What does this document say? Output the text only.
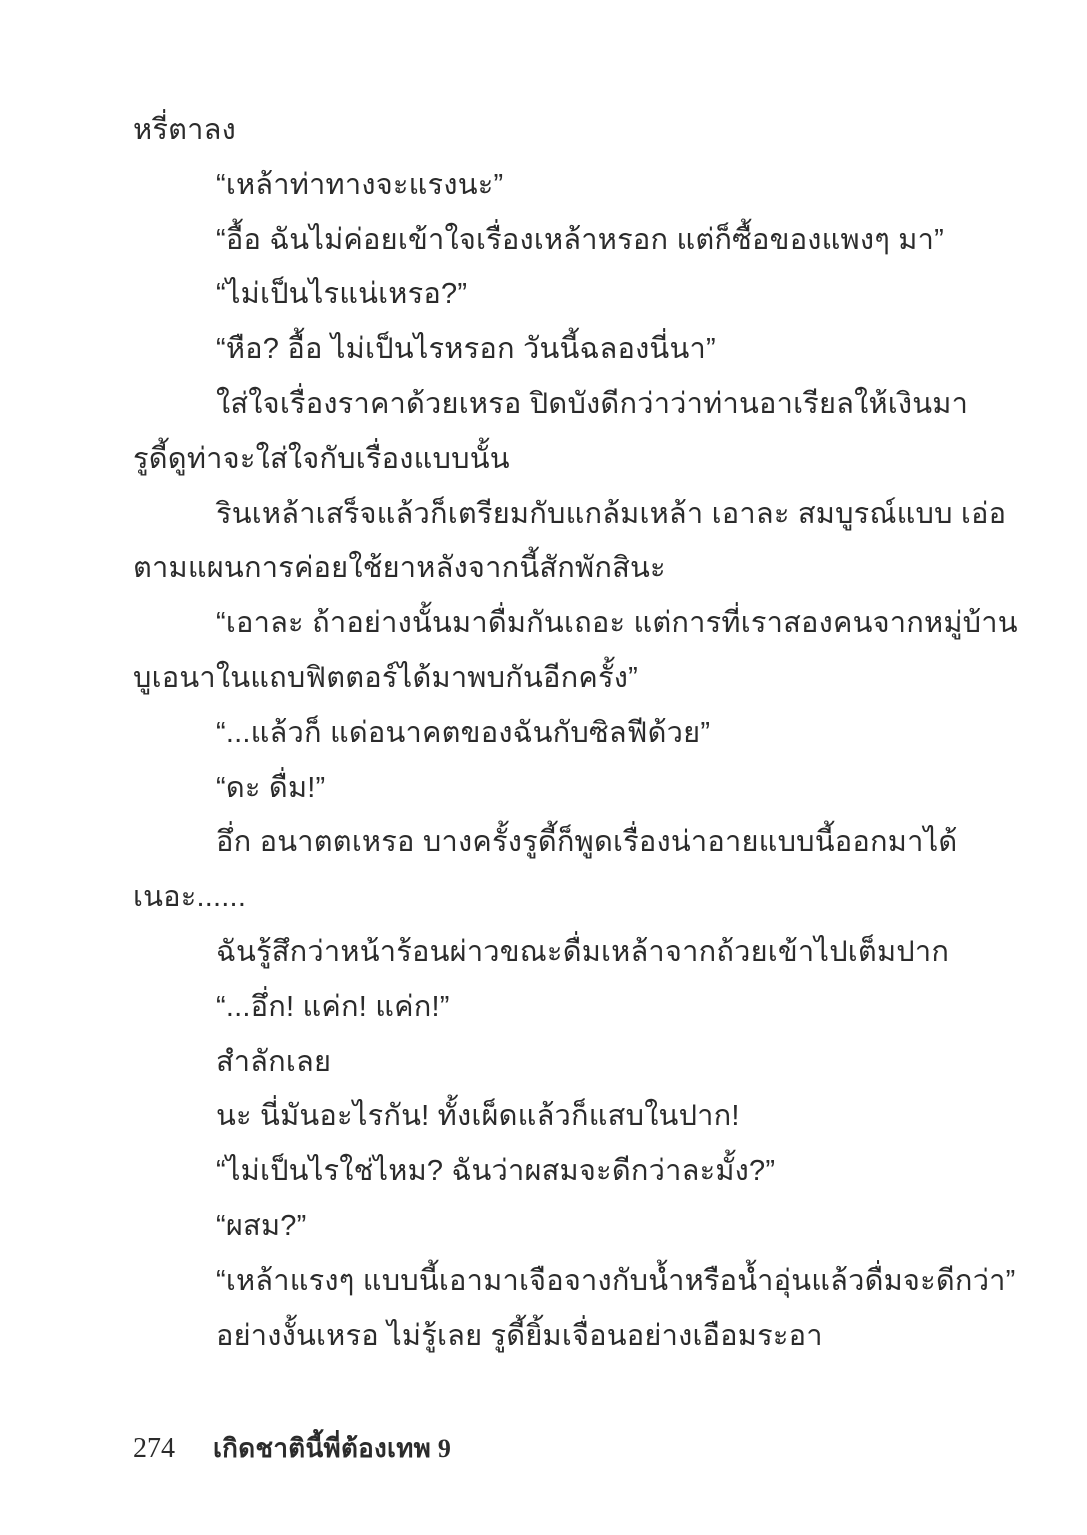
หรี่ตาลง

“เหล้าท่าทางจะแรงนะ”

“อื้อ ฉันไม่ค่อยเข้าใจเรื่องเหล้าหรอก แต่ก็ซื้อของแพงๆ มา”

“ไม่เป็นไรแน่เหรอ?”

“หือ? อื้อ ไม่เป็นไรหรอก วันนี้ฉลองนี่นา”

ใส่ใจเรื่องราคาด้วยเหรอ ปิดบังดีกว่าว่าท่านอาเรียลให้เงินมา

รูดี้ดูท่าจะใส่ใจกับเรื่องแบบนั้น

รินเหล้าเสร็จแล้วก็เตรียมกับแกล้มเหล้า เอาละ สมบูรณ์แบบ เอ่อ

ตามแผนการค่อยใช้ยาหลังจากนี้สักพักสินะ

“เอาละ ถ้าอย่างนั้นมาดื่มกันเถอะ แต่การที่เราสองคนจากหมู่บ้าน

บูเอนาในแถบฟิตตอร์ได้มาพบกันอีกครั้ง”

“...แล้วก็ แด่อนาคตของฉันกับซิลฟีด้วย”

“ดะ ดื่ม!”

อึ่ก อนาตตเหรอ บางครั้งรูดี้ก็พูดเรื่องน่าอายแบบนี้ออกมาได้

เนอะ......

ฉันรู้สึกว่าหน้าร้อนผ่าวขณะดื่มเหล้าจากถ้วยเข้าไปเต็มปาก

“...อึ่ก! แค่ก! แค่ก!”

สำลักเลย

นะ นี่มันอะไรกัน! ทั้งเผ็ดแล้วก็แสบในปาก!

“ไม่เป็นไรใช่ไหม? ฉันว่าผสมจะดีกว่าละมั้ง?”

“ผสม?”

“เหล้าแรงๆ แบบนี้เอามาเจือจางกับน้ำหรือน้ำอุ่นแล้วดื่มจะดีกว่า”

อย่างงั้นเหรอ ไม่รู้เลย รูดี้ยิ้มเจื่อนอย่างเอือมระอา

274 เกิดชาตินี้พี่ต้องเทพ 9
